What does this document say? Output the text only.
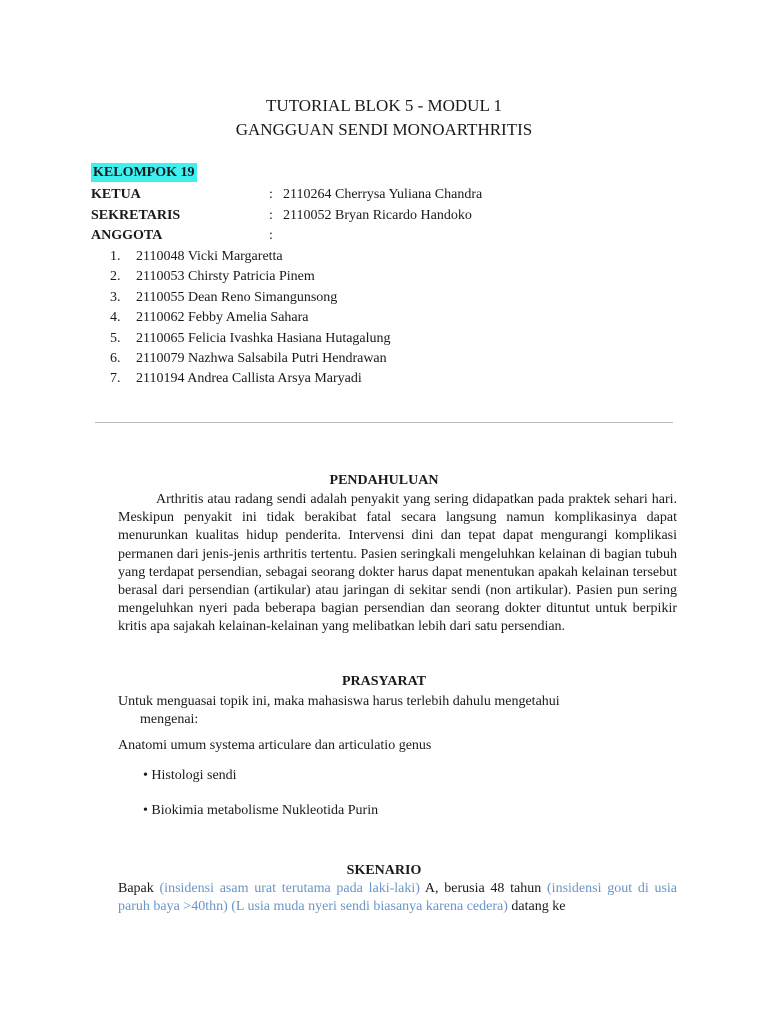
TUTORIAL BLOK 5 - MODUL 1
GANGGUAN SENDI MONOARTHRITIS
KELOMPOK 19
KETUA	: 2110264 Cherrysa Yuliana Chandra
SEKRETARIS	: 2110052 Bryan Ricardo Handoko
ANGGOTA	:
1. 2110048 Vicki Margaretta
2. 2110053 Chirsty Patricia Pinem
3. 2110055 Dean Reno Simangunsong
4. 2110062 Febby Amelia Sahara
5. 2110065 Felicia Ivashka Hasiana Hutagalung
6. 2110079 Nazhwa Salsabila Putri Hendrawan
7. 2110194 Andrea Callista Arsya Maryadi
PENDAHULUAN

Arthritis atau radang sendi adalah penyakit yang sering didapatkan pada praktek sehari hari. Meskipun penyakit ini tidak berakibat fatal secara langsung namun komplikasinya dapat menurunkan kualitas hidup penderita. Intervensi dini dan tepat dapat mengurangi komplikasi permanen dari jenis-jenis arthritis tertentu. Pasien seringkali mengeluhkan kelainan di bagian tubuh yang terdapat persendian, sebagai seorang dokter harus dapat menentukan apakah kelainan tersebut berasal dari persendian (artikular) atau jaringan di sekitar sendi (non artikular). Pasien pun sering mengeluhkan nyeri pada beberapa bagian persendian dan seorang dokter dituntut untuk berpikir kritis apa sajakah kelainan-kelainan yang melibatkan lebih dari satu persendian.

PRASYARAT

Untuk menguasai topik ini, maka mahasiswa harus terlebih dahulu mengetahui
mengenai:

Anatomi umum systema articulare dan articulatio genus

• Histologi sendi
• Biokimia metabolisme Nukleotida Purin
SKENARIO

Bapak (insidensi asam urat terutama pada laki-laki) A, berusia 48 tahun (insidensi gout di usia paruh baya >40thn) (L usia muda nyeri sendi biasanya karena cedera) datang ke
